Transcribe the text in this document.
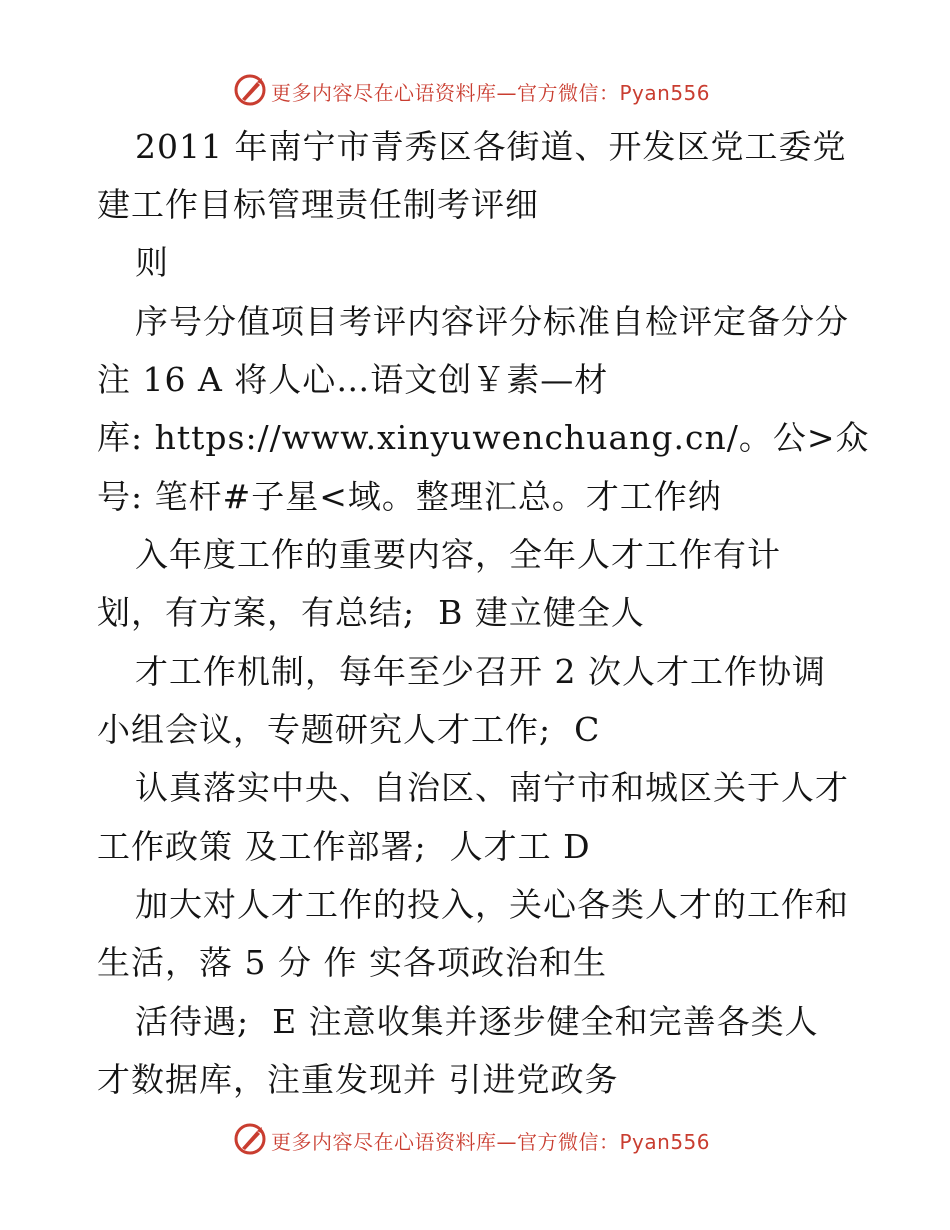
更多内容尽在心语资料库—官方微信：Pyan556
2011 年南宁市青秀区各街道、开发区党工委党
建工作目标管理责任制考评细
则
序号分值项目考评内容评分标准自检评定备分分
注 16 A 将人心…语文创￥素—材
库: https://www.xinyuwenchuang.cn/。公>众
号: 笔杆#子星<域。整理汇总。才工作纳
入年度工作的重要内容，全年人才工作有计
划，有方案，有总结;  B 建立健全人
才工作机制，每年至少召开 2 次人才工作协调
小组会议，专题研究人才工作;  C
认真落实中央、自治区、南宁市和城区关于人才
工作政策 及工作部署;  人才工 D
加大对人才工作的投入，关心各类人才的工作和
生活，落 5 分 作 实各项政治和生
活待遇;  E 注意收集并逐步健全和完善各类人
才数据库，注重发现并 引进党政务
更多内容尽在心语资料库—官方微信：Pyan556
